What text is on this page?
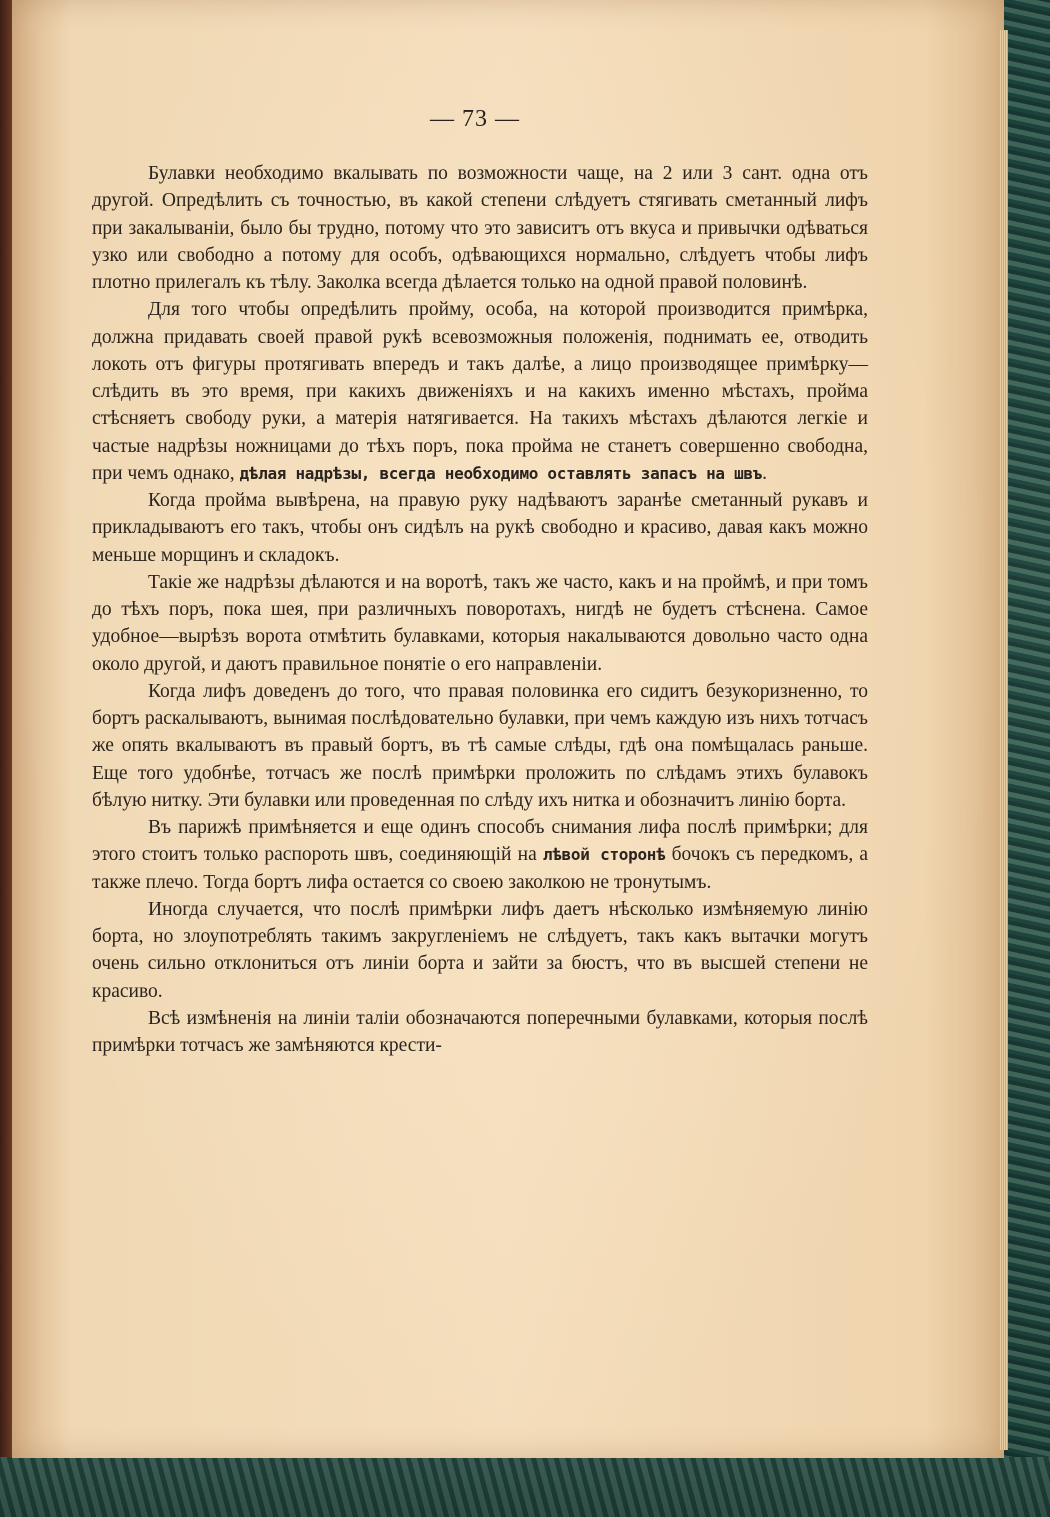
— 73 —

Булавки необходимо вкалывать по возможности чаще, на 2 или 3 сант. одна отъ другой. Опредѣлить съ точностью, въ какой степени слѣдуетъ стягивать сметанный лифъ при закалываніи, было бы трудно, потому что это зависитъ отъ вкуса и привычки одѣваться узко или свободно а потому для особъ, одѣвающихся нормально, слѣдуетъ чтобы лифъ плотно прилегалъ къ тѣлу. Заколка всегда дѣлается только на одной правой половинѣ.

Для того чтобы опредѣлить пройму, особа, на которой производится примѣрка, должна придавать своей правой рукѣ всевозможныя положенія, поднимать ее, отводить локоть отъ фигуры протягивать впередъ и такъ далѣе, а лицо производящее примѣрку—слѣдить въ это время, при какихъ движеніяхъ и на какихъ именно мѣстахъ, пройма стѣсняетъ свободу руки, а матерія натягивается. На такихъ мѣстахъ дѣлаются легкіе и частые надрѣзы ножницами до тѣхъ поръ, пока пройма не станетъ совершенно свободна, при чемъ однако, дѣлая надрѣзы, всегда необходимо оставлять запасъ на швъ.

Когда пройма вывѣрена, на правую руку надѣваютъ заранѣе сметанный рукавъ и прикладываютъ его такъ, чтобы онъ сидѣлъ на рукѣ свободно и красиво, давая какъ можно меньше морщинъ и складокъ.

Такіе же надрѣзы дѣлаются и на воротѣ, такъ же часто, какъ и на проймѣ, и при томъ до тѣхъ поръ, пока шея, при различныхъ поворотахъ, нигдѣ не будетъ стѣснена. Самое удобное—вырѣзъ ворота отмѣтить булавками, которыя накалываются довольно часто одна около другой, и даютъ правильное понятіе о его направленіи.

Когда лифъ доведенъ до того, что правая половинка его сидитъ безукоризненно, то бортъ раскалываютъ, вынимая послѣдовательно булавки, при чемъ каждую изъ нихъ тотчасъ же опять вкалываютъ въ правый бортъ, въ тѣ самые слѣды, гдѣ она помѣщалась раньше. Еще того удобнѣе, тотчасъ же послѣ примѣрки проложить по слѣдамъ этихъ булавокъ бѣлую нитку. Эти булавки или проведенная по слѣду ихъ нитка и обозначитъ линію борта.

Въ парижѣ примѣняется и еще одинъ способъ снимания лифа послѣ примѣрки; для этого стоитъ только распороть швъ, соединяющій на лѣвой сторонѣ бочокъ съ передкомъ, а также плечо. Тогда бортъ лифа остается со своею заколкою не тронутымъ.

Иногда случается, что послѣ примѣрки лифъ даетъ нѣсколько измѣняемую линію борта, но злоупотреблять такимъ закругленіемъ не слѣдуетъ, такъ какъ вытачки могутъ очень сильно отклониться отъ линіи борта и зайти за бюстъ, что въ высшей степени не красиво.

Всѣ измѣненія на линіи таліи обозначаются поперечными булавками, которыя послѣ примѣрки тотчасъ же замѣняются крести-
